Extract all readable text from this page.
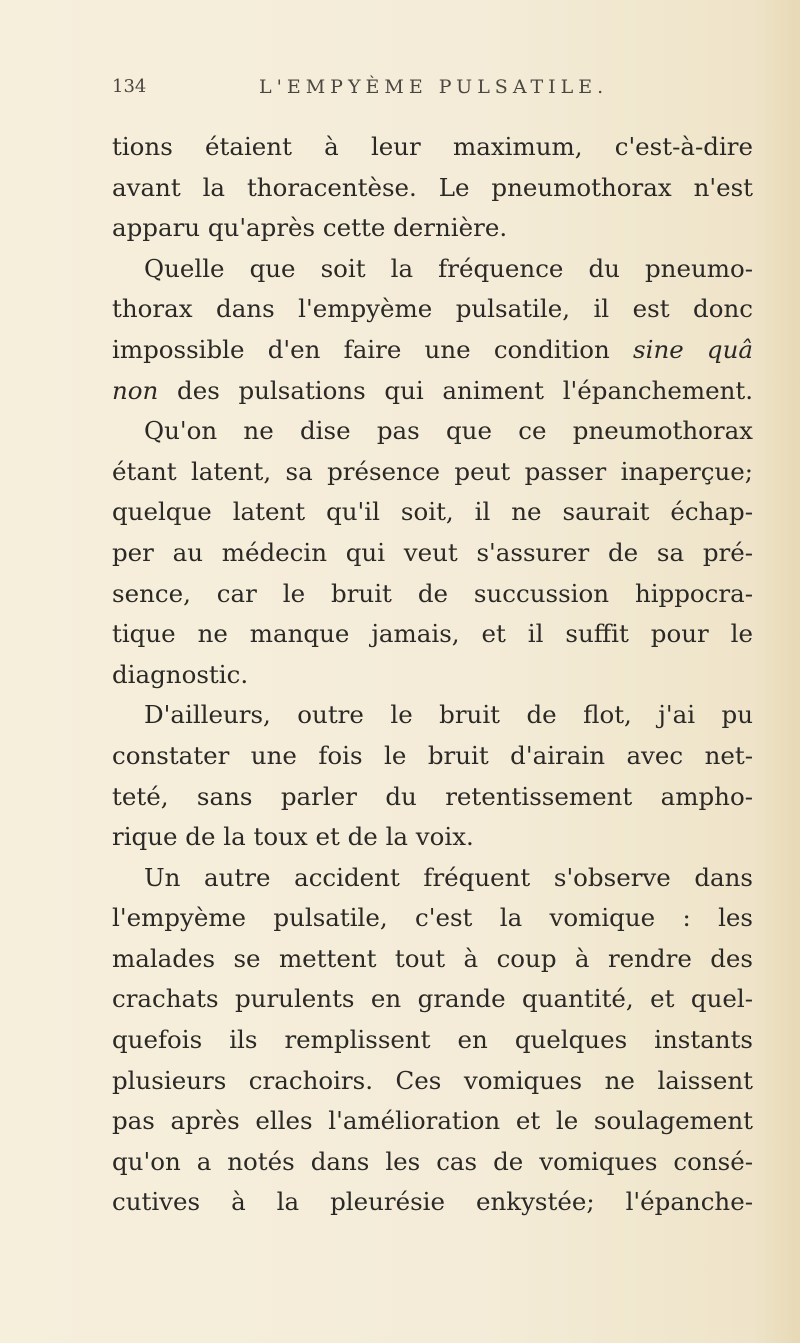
134	L'EMPYÈME PULSATILE.
tions étaient à leur maximum, c'est-à-dire
avant la thoracentèse. Le pneumothorax n'est
apparu qu'après cette dernière.
Quelle que soit la fréquence du pneumo-
thorax dans l'empyème pulsatile, il est donc
impossible d'en faire une condition sine quâ
non des pulsations qui animent l'épanchement.
Qu'on ne dise pas que ce pneumothorax
étant latent, sa présence peut passer inaperçue;
quelque latent qu'il soit, il ne saurait échap-
per au médecin qui veut s'assurer de sa pré-
sence, car le bruit de succussion hippocra-
tique ne manque jamais, et il suffit pour le
diagnostic.
D'ailleurs, outre le bruit de flot, j'ai pu
constater une fois le bruit d'airain avec net-
teté, sans parler du retentissement ampho-
rique de la toux et de la voix.
Un autre accident fréquent s'observe dans
l'empyème pulsatile, c'est la vomique : les
malades se mettent tout à coup à rendre des
crachats purulents en grande quantité, et quel-
quefois ils remplissent en quelques instants
plusieurs crachoirs. Ces vomiques ne laissent
pas après elles l'amélioration et le soulagement
qu'on a notés dans les cas de vomiques consé-
cutives à la pleurésie enkystée; l'épanche-
